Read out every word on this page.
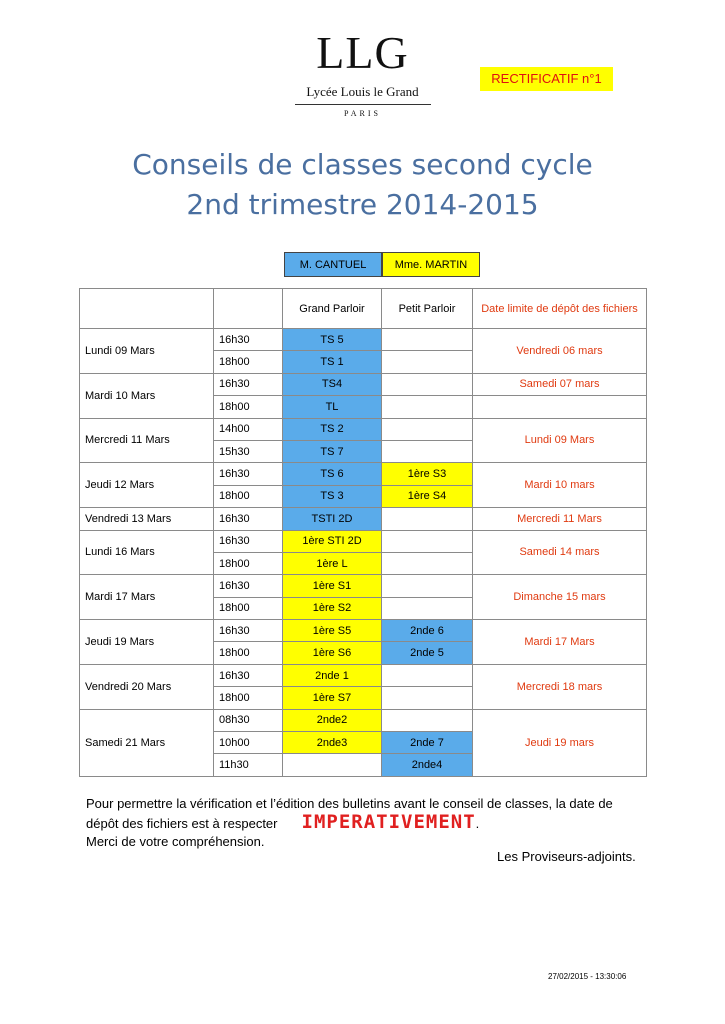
LLG
Lycée Louis le Grand
PARIS
RECTIFICATIF n°1
Conseils de classes second cycle
2nd trimestre 2014-2015
M. CANTUEL	Mme. MARTIN
		Grand Parloir	Petit Parloir	Date limite de dépôt des fichiers
Lundi 09 Mars	16h30	TS 5		Vendredi 06 mars
	18h00	TS 1		
Mardi 10 Mars	16h30	TS4		Samedi 07 mars
	18h00	TL		
Mercredi 11 Mars	14h00	TS 2		Lundi 09 Mars
	15h30	TS 7		
Jeudi 12 Mars	16h30	TS 6	1ère S3	Mardi 10 mars
	18h00	TS 3	1ère S4	
Vendredi 13 Mars	16h30	TSTI 2D		Mercredi 11 Mars
Lundi 16 Mars	16h30	1ère STI 2D		Samedi 14 mars
	18h00	1ère L		
Mardi 17 Mars	16h30	1ère S1		Dimanche 15 mars
	18h00	1ère S2		
Jeudi 19 Mars	16h30	1ère S5	2nde 6	Mardi 17 Mars
	18h00	1ère S6	2nde 5	
Vendredi 20 Mars	16h30	2nde 1		Mercredi 18 mars
	18h00	1ère S7		
Samedi 21 Mars	08h30	2nde2		Jeudi 19 mars
	10h00	2nde3	2nde 7	
	11h30		2nde4	
Pour permettre la vérification et l’édition des bulletins avant le conseil de classes, la date de
dépôt des fichiers est à respecter IMPERATIVEMENT.
Merci de votre compréhension.
Les Proviseurs-adjoints.
27/02/2015 - 13:30:06
